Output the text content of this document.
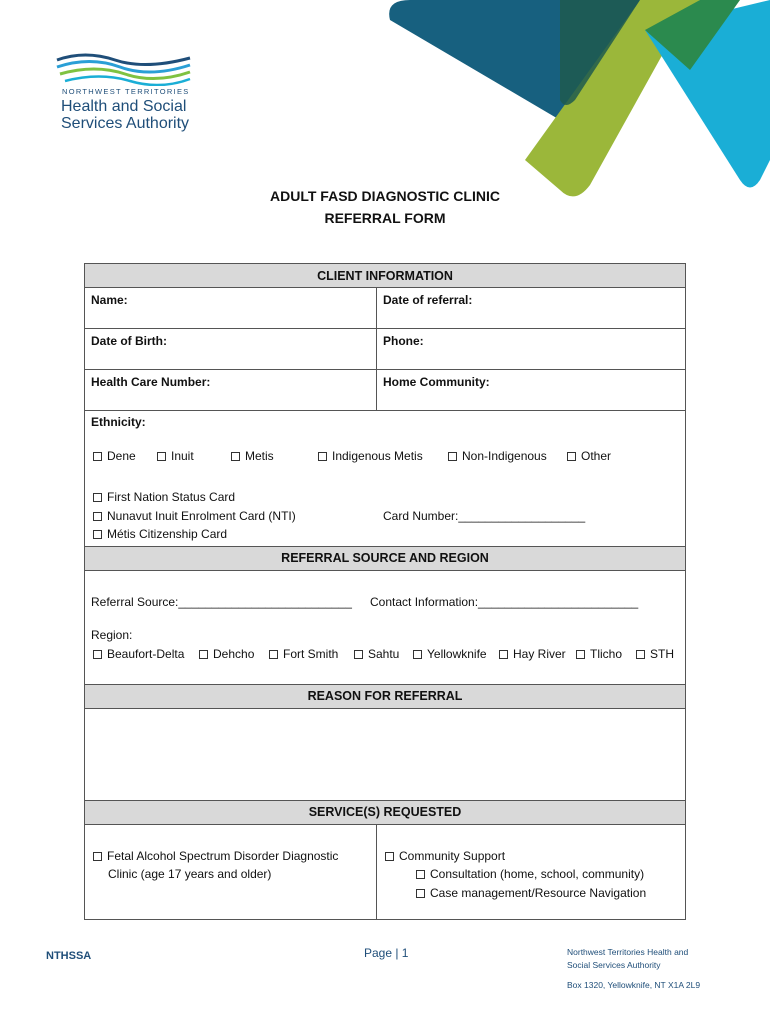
NORTHWEST TERRITORIES
Health and Social
Services Authority
ADULT FASD DIAGNOSTIC CLINIC
REFERRAL FORM
CLIENT INFORMATION
Name:	Date of referral:
Date of Birth:	Phone:
Health Care Number:	Home Community:
Ethnicity:
Dene	Inuit	Metis	Indigenous Metis	Non-Indigenous	Other
First Nation Status Card
Nunavut Inuit Enrolment Card (NTI)
Métis Citizenship Card
Card Number:___________________
REFERRAL SOURCE AND REGION
Referral Source:__________________________ Contact Information:________________________
Region:
Beaufort-Delta	Dehcho	Fort Smith	Sahtu	Yellowknife	Hay River	Tlicho	STH
REASON FOR REFERRAL
SERVICE(S) REQUESTED
Fetal Alcohol Spectrum Disorder Diagnostic
Clinic (age 17 years and older)
Community Support
Consultation (home, school, community)
Case management/Resource Navigation
NTHSSA	Page | 1	Northwest Territories Health and
Social Services Authority
Box 1320, Yellowknife, NT X1A 2L9
